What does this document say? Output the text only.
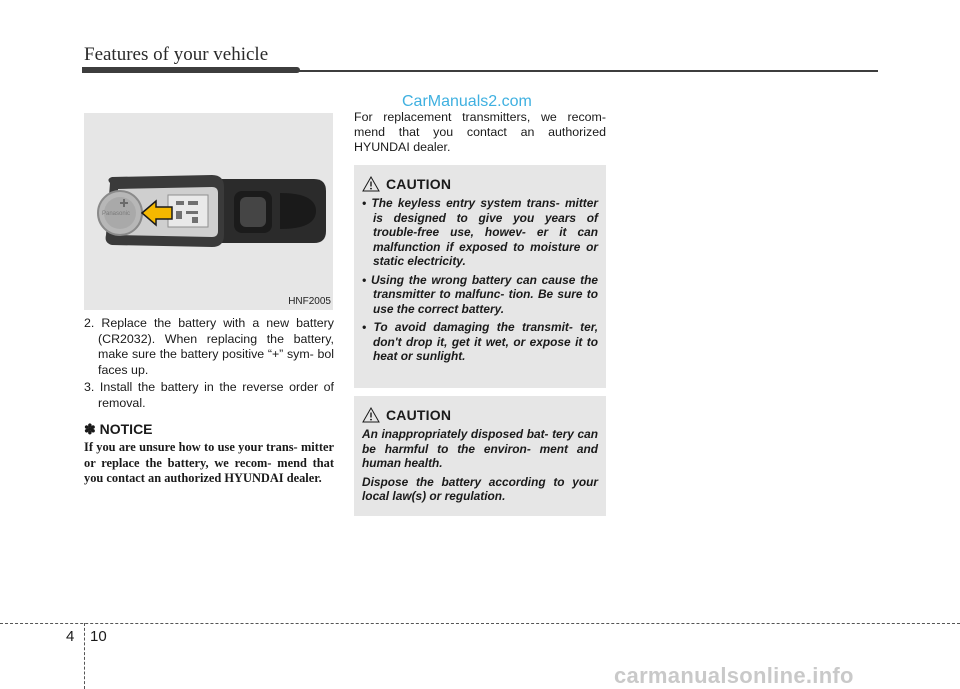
Features of your vehicle
CarManuals2.com
Panasonic
HNF2005
2. Replace the battery with a new battery (CR2032). When replacing the battery, make sure the battery positive “+” sym- bol faces up.
3. Install the battery in the reverse order of removal.
✽ NOTICE

If you are unsure how to use your trans- mitter or replace the battery, we recom- mend that you contact an authorized HYUNDAI dealer.

For replacement transmitters, we recom- mend that you contact an authorized HYUNDAI dealer.

CAUTION
• The keyless entry system trans- mitter is designed to give you years of trouble-free use, howev- er it can malfunction if exposed to moisture or static electricity.
• Using the wrong battery can cause the transmitter to malfunc- tion. Be sure to use the correct battery.
• To avoid damaging the transmit- ter, don't drop it, get it wet, or expose it to heat or sunlight.
CAUTION

An inappropriately disposed bat- tery can be harmful to the environ- ment and human health.

Dispose the battery according to your local law(s) or regulation.

4 10
carmanualsonline.info
